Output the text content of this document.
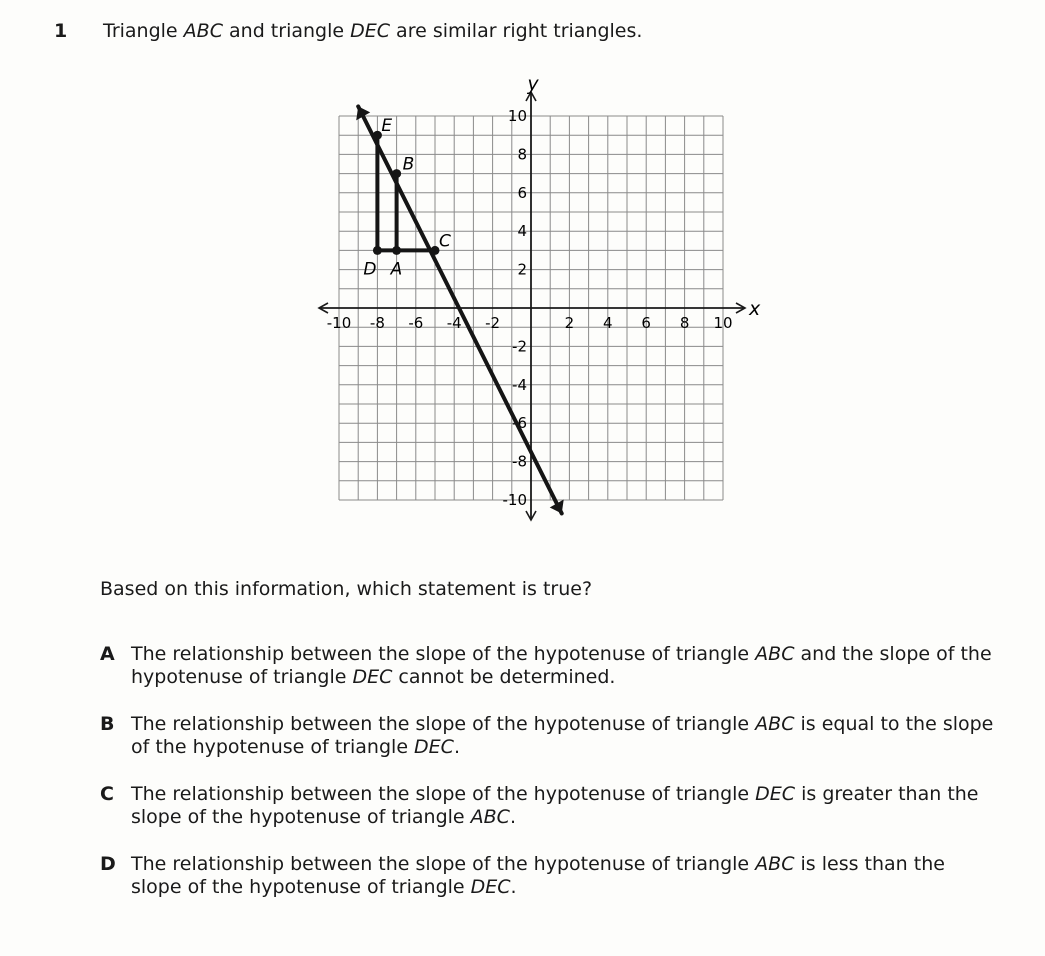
1 Triangle ABC and triangle DEC are similar right triangles.
x
y
-10 -8 -6 -4 -2	2 4 6 8 10
10
8
6
4
2
-2
-4
-6
-8
-10
E
B
C
D A
Based on this information, which statement is true?
A The relationship between the slope of the hypotenuse of triangle ABC and the slope of the hypotenuse of triangle DEC cannot be determined.
B The relationship between the slope of the hypotenuse of triangle ABC is equal to the slope of the hypotenuse of triangle DEC.
C The relationship between the slope of the hypotenuse of triangle DEC is greater than the slope of the hypotenuse of triangle ABC.
D The relationship between the slope of the hypotenuse of triangle ABC is less than the slope of the hypotenuse of triangle DEC.
